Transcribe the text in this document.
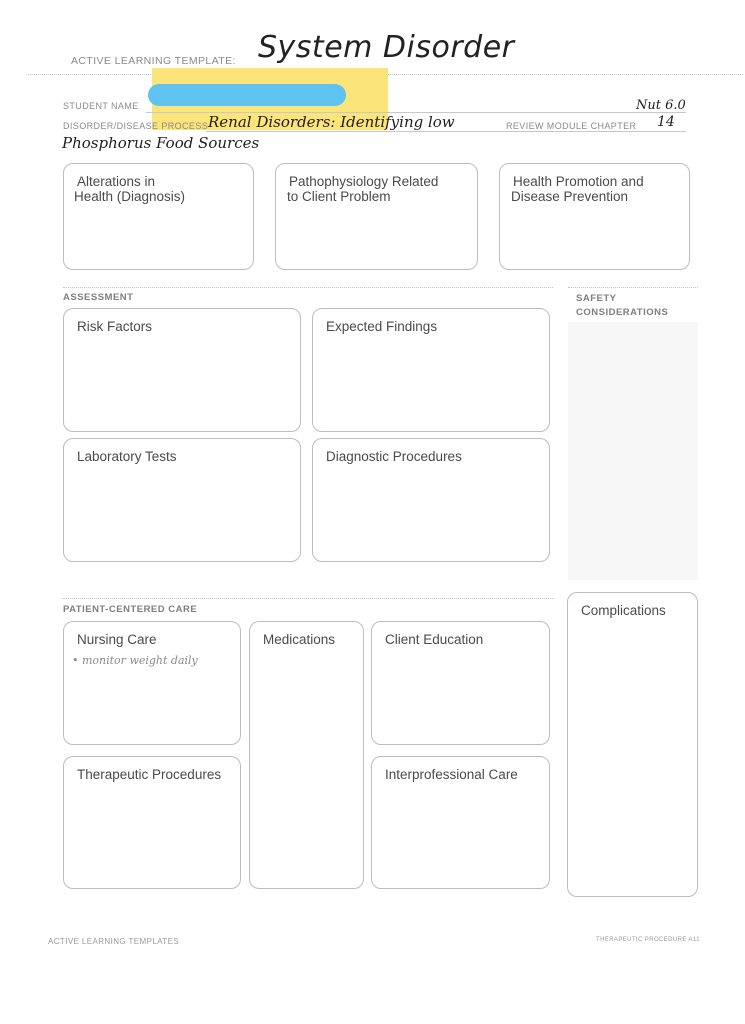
ACTIVE LEARNING TEMPLATE: System Disorder
STUDENT NAME
DISORDER/DISEASE PROCESS Renal Disorders: Identifying low	REVIEW MODULE CHAPTER
Nut 6.0
14
Phosphorus Food Sources
Alterations in
Health (Diagnosis)
Pathophysiology Related
to Client Problem
Health Promotion and
Disease Prevention
ASSESSMENT
Risk Factors	Expected Findings
Laboratory Tests	Diagnostic Procedures
SAFETY
CONSIDERATIONS
PATIENT-CENTERED CARE
Nursing Care
• monitor weight daily
Medications	Client Education
Therapeutic Procedures	Interprofessional Care
Complications
ACTIVE LEARNING TEMPLATES	THERAPEUTIC PROCEDURE A11
